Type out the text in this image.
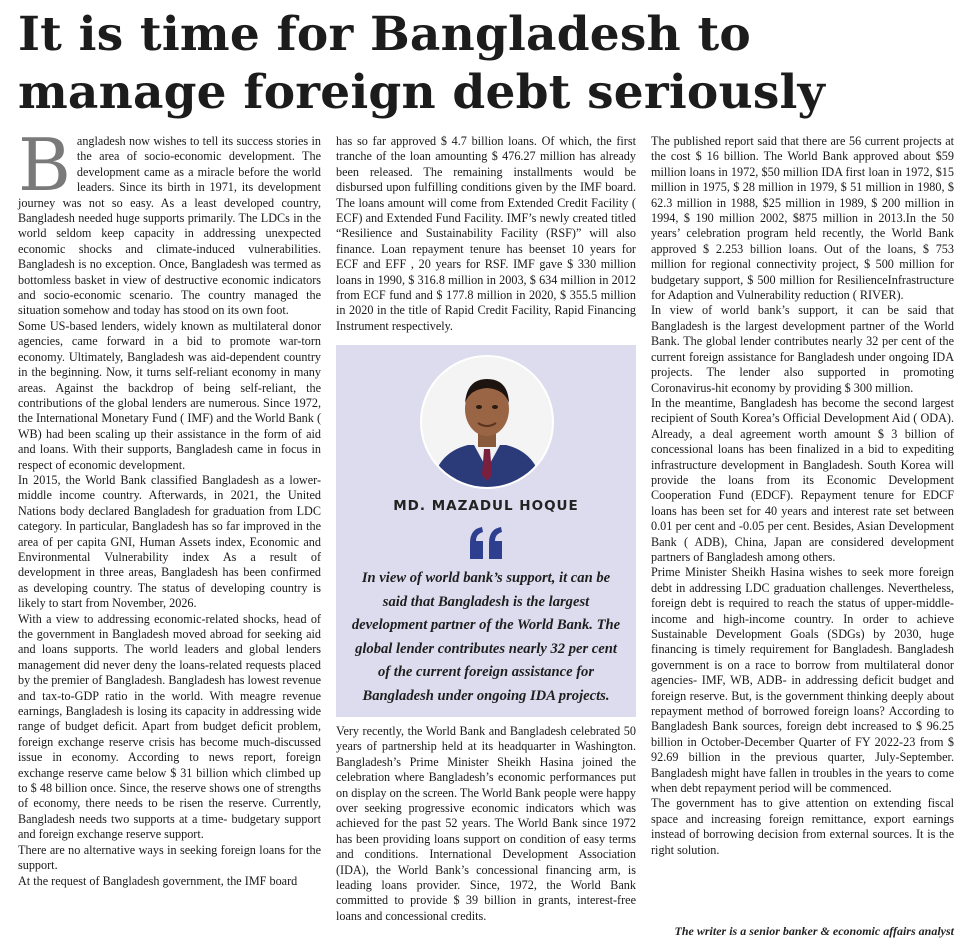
It is time for Bangladesh to manage foreign debt seriously

Bangladesh now wishes to tell its success stories in the area of socio-economic development. The development came as a miracle before the world leaders. Since its birth in 1971, its development journey was not so easy. As a least developed country, Bangladesh needed huge supports primarily. The LDCs in the world seldom keep capacity in addressing unexpected economic shocks and climate-induced vulnerabilities. Bangladesh is no exception. Once, Bangladesh was termed as bottomless basket in view of destructive economic indicators and socio-economic scenario. The country managed the situation somehow and today has stood on its own foot.

Some US-based lenders, widely known as multilateral donor agencies, came forward in a bid to promote war-torn economy. Ultimately, Bangladesh was aid-dependent country in the beginning. Now, it turns self-reliant economy in many areas. Against the backdrop of being self-reliant, the contributions of the global lenders are numerous. Since 1972, the International Monetary Fund ( IMF) and the World Bank ( WB) had been scaling up their assistance in the form of aid and loans. With their supports, Bangladesh came in focus in respect of economic development.

In 2015, the World Bank classified Bangladesh as a lower-middle income country. Afterwards, in 2021, the United Nations body declared Bangladesh for graduation from LDC category. In particular, Bangladesh has so far improved in the area of per capita GNI, Human Assets index, Economic and Environmental Vulnerability index As a result of development in three areas, Bangladesh has been confirmed as developing country. The status of developing country is likely to start from November, 2026.

With a view to addressing economic-related shocks, head of the government in Bangladesh moved abroad for seeking aid and loans supports. The world leaders and global lenders management did never deny the loans-related requests placed by the premier of Bangladesh. Bangladesh has lowest revenue and tax-to-GDP ratio in the world. With meagre revenue earnings, Bangladesh is losing its capacity in addressing wide range of budget deficit. Apart from budget deficit problem, foreign exchange reserve crisis has become much-discussed issue in economy. According to news report, foreign exchange reserve came below $ 31 billion which climbed up to $ 48 billion once. Since, the reserve shows one of strengths of economy, there needs to be risen the reserve. Currently, Bangladesh needs two supports at a time- budgetary support and foreign exchange reserve support.

There are no alternative ways in seeking foreign loans for the support.

At the request of Bangladesh government, the IMF board

has so far approved $ 4.7 billion loans. Of which, the first tranche of the loan amounting $ 476.27 million has already been released. The remaining installments would be disbursed upon fulfilling conditions given by the IMF board. The loans amount will come from Extended Credit Facility ( ECF) and Extended Fund Facility. IMF’s newly created titled “Resilience and Sustainability Facility (RSF)” will also finance. Loan repayment tenure has beenset 10 years for ECF and EFF , 20 years for RSF. IMF gave $ 330 million loans in 1990, $ 316.8 million in 2003, $ 634 million in 2012 from ECF fund and $ 177.8 million in 2020, $ 355.5 million in 2020 in the title of Rapid Credit Facility, Rapid Financing Instrument respectively.

MD. MAZADUL HOQUE
In view of world bank’s support, it can be said that Bangladesh is the largest development partner of the World Bank. The global lender contributes nearly 32 per cent of the current foreign assistance for Bangladesh under ongoing IDA projects.

Very recently, the World Bank and Bangladesh celebrated 50 years of partnership held at its headquarter in Washington. Bangladesh’s Prime Minister Sheikh Hasina joined the celebration where Bangladesh’s economic performances put on display on the screen. The World Bank people were happy over seeking progressive economic indicators which was achieved for the past 52 years. The World Bank since 1972 has been providing loans support on condition of easy terms and conditions. International Development Association (IDA), the World Bank’s concessional financing arm, is leading loans provider. Since, 1972, the World Bank committed to provide $ 39 billion in grants, interest-free loans and concessional credits.

The published report said that there are 56 current projects at the cost $ 16 billion. The World Bank approved about $59 million loans in 1972, $50 million IDA first loan in 1972, $15 million in 1975, $ 28 million in 1979, $ 51 million in 1980, $ 62.3 million in 1988, $25 million in 1989, $ 200 million in 1994, $ 190 million 2002, $875 million in 2013.In the 50 years’ celebration program held recently, the World Bank approved $ 2.253 billion loans. Out of the loans, $ 753 million for regional connectivity project, $ 500 million for budgetary support, $ 500 million for ResilienceInfrastructure for Adaption and Vulnerability reduction ( RIVER).

In view of world bank’s support, it can be said that Bangladesh is the largest development partner of the World Bank. The global lender contributes nearly 32 per cent of the current foreign assistance for Bangladesh under ongoing IDA projects. The lender also supported in promoting Coronavirus-hit economy by providing $ 300 million.

In the meantime, Bangladesh has become the second largest recipient of South Korea’s Official Development Aid ( ODA). Already, a deal agreement worth amount $ 3 billion of concessional loans has been finalized in a bid to expediting infrastructure development in Bangladesh. South Korea will provide the loans from its Economic Development Cooperation Fund (EDCF). Repayment tenure for EDCF loans has been set for 40 years and interest rate set between 0.01 per cent and -0.05 per cent. Besides, Asian Development Bank ( ADB), China, Japan are considered development partners of Bangladesh among others.

Prime Minister Sheikh Hasina wishes to seek more foreign debt in addressing LDC graduation challenges. Nevertheless, foreign debt is required to reach the status of upper-middle-income and high-income country. In order to achieve Sustainable Development Goals (SDGs) by 2030, huge financing is timely requirement for Bangladesh. Bangladesh government is on a race to borrow from multilateral donor agencies- IMF, WB, ADB- in addressing deficit budget and foreign reserve. But, is the government thinking deeply about repayment method of borrowed foreign loans? According to Bangladesh Bank sources, foreign debt increased to $ 96.25 billion in October-December Quarter of FY 2022-23 from $ 92.69 billion in the previous quarter, July-September. Bangladesh might have fallen in troubles in the years to come when debt repayment period will be commenced.

The government has to give attention on extending fiscal space and increasing foreign remittance, export earnings instead of borrowing decision from external sources. It is the right solution.

The writer is a senior banker & economic affairs analyst
